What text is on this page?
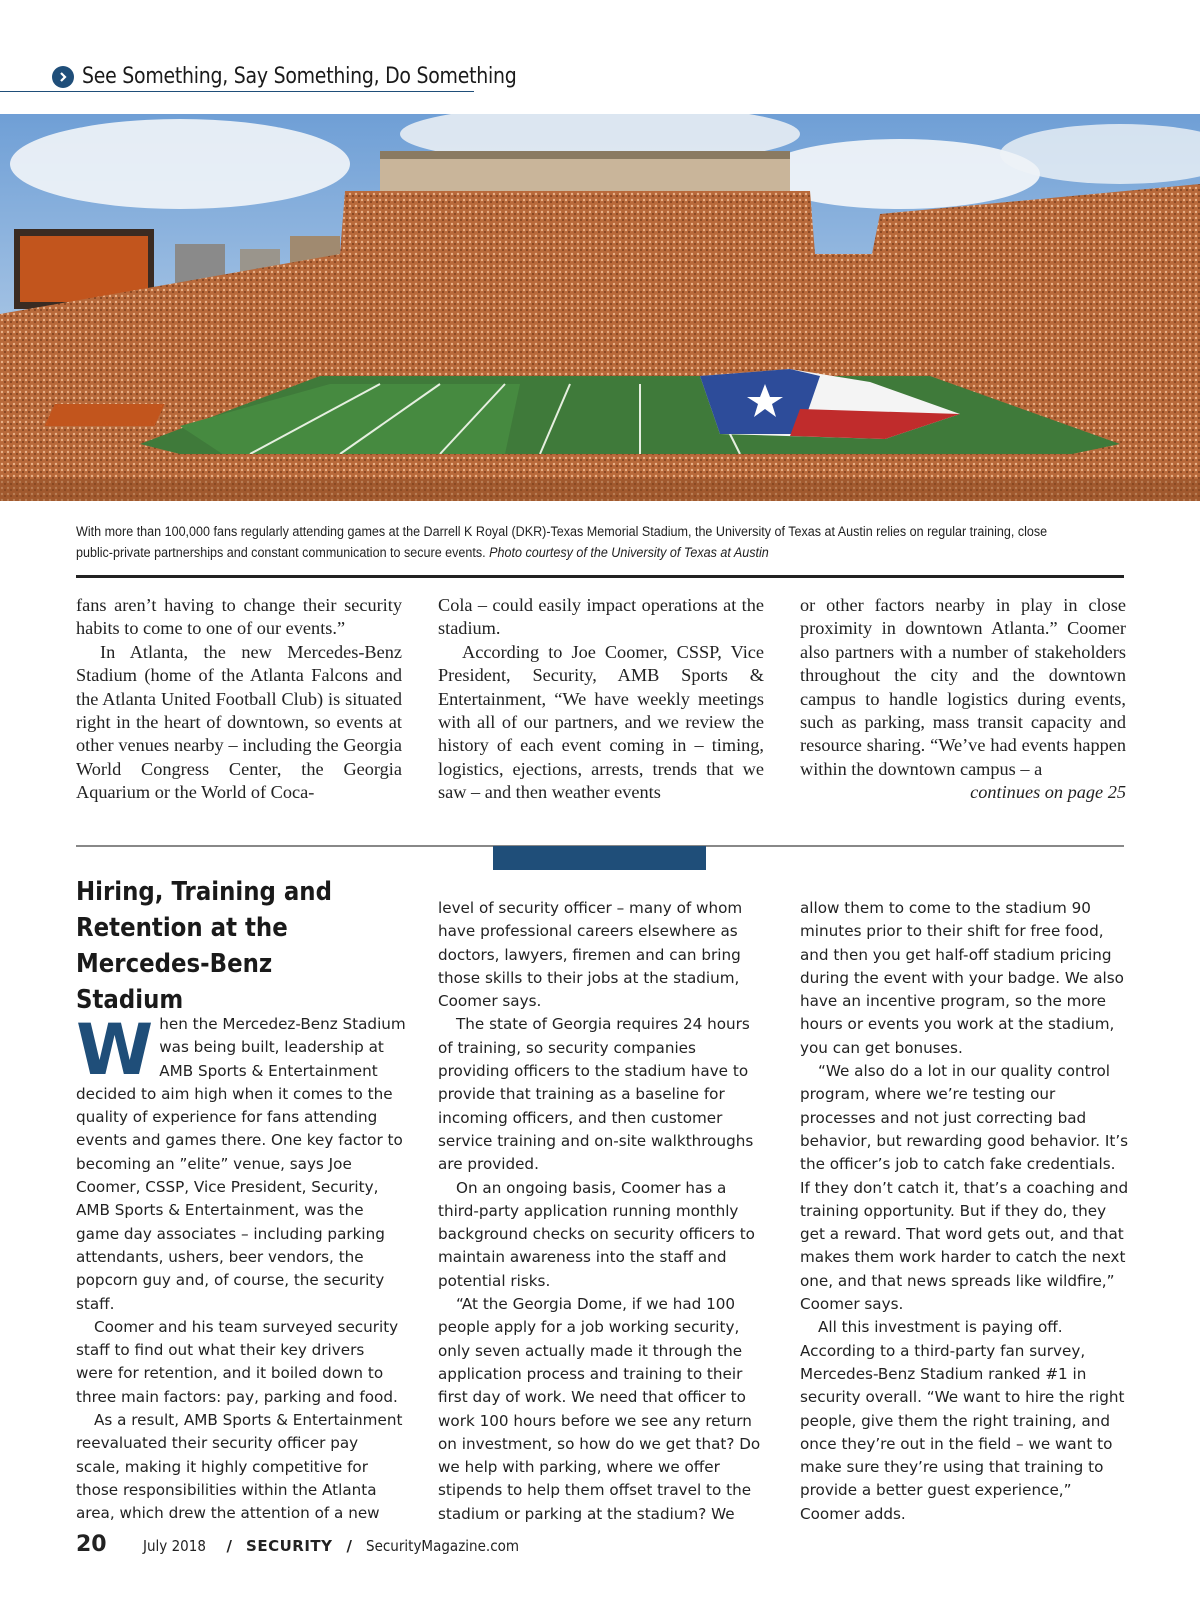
See Something, Say Something, Do Something
With more than 100,000 fans regularly attending games at the Darrell K Royal (DKR)-Texas Memorial Stadium, the University of Texas at Austin relies on regular training, close public-private partnerships and constant communication to secure events. Photo courtesy of the University of Texas at Austin

fans aren’t having to change their security habits to come to one of our events.”

In Atlanta, the new Mercedes-Benz Stadium (home of the Atlanta Falcons and the Atlanta United Football Club) is situated right in the heart of downtown, so events at other venues nearby – including the Georgia World Congress Center, the Georgia Aquarium or the World of Coca-

Cola – could easily impact operations at the stadium.

According to Joe Coomer, CSSP, Vice President, Security, AMB Sports & Entertainment, “We have weekly meetings with all of our partners, and we review the history of each event coming in – timing, logistics, ejections, arrests, trends that we saw – and then weather events

or other factors nearby in play in close proximity in downtown Atlanta.” Coomer also partners with a number of stakeholders throughout the city and the downtown campus to handle logistics during events, such as parking, mass transit capacity and resource sharing. “We’ve had events happen within the downtown campus – a

continues on page 25

Hiring, Training and Retention at the Mercedes-Benz Stadium

When the Mercedez-Benz Stadium was being built, leadership at AMB Sports & Entertainment decided to aim high when it comes to the quality of experience for fans attending events and games there. One key factor to becoming an ”elite” venue, says Joe Coomer, CSSP, Vice President, Security, AMB Sports & Entertainment, was the game day associates – including parking attendants, ushers, beer vendors, the popcorn guy and, of course, the security staff.

Coomer and his team surveyed security staff to find out what their key drivers were for retention, and it boiled down to three main factors: pay, parking and food.

As a result, AMB Sports & Entertainment reevaluated their security officer pay scale, making it highly competitive for those responsibilities within the Atlanta area, which drew the attention of a new

level of security officer – many of whom have professional careers elsewhere as doctors, lawyers, firemen and can bring those skills to their jobs at the stadium, Coomer says.

The state of Georgia requires 24 hours of training, so security companies providing officers to the stadium have to provide that training as a baseline for incoming officers, and then customer service training and on-site walkthroughs are provided.

On an ongoing basis, Coomer has a third-party application running monthly background checks on security officers to maintain awareness into the staff and potential risks.

“At the Georgia Dome, if we had 100 people apply for a job working security, only seven actually made it through the application process and training to their first day of work. We need that officer to work 100 hours before we see any return on investment, so how do we get that? Do we help with parking, where we offer stipends to help them offset travel to the stadium or parking at the stadium? We

allow them to come to the stadium 90 minutes prior to their shift for free food, and then you get half-off stadium pricing during the event with your badge. We also have an incentive program, so the more hours or events you work at the stadium, you can get bonuses.

“We also do a lot in our quality control program, where we’re testing our processes and not just correcting bad behavior, but rewarding good behavior. It’s the officer’s job to catch fake credentials. If they don’t catch it, that’s a coaching and training opportunity. But if they do, they get a reward. That word gets out, and that makes them work harder to catch the next one, and that news spreads like wildfire,” Coomer says.

All this investment is paying off. According to a third-party fan survey, Mercedes-Benz Stadium ranked #1 in security overall. “We want to hire the right people, give them the right training, and once they’re out in the field – we want to make sure they’re using that training to provide a better guest experience,” Coomer adds.

20 July 2018 / SECURITY / SecurityMagazine.com
